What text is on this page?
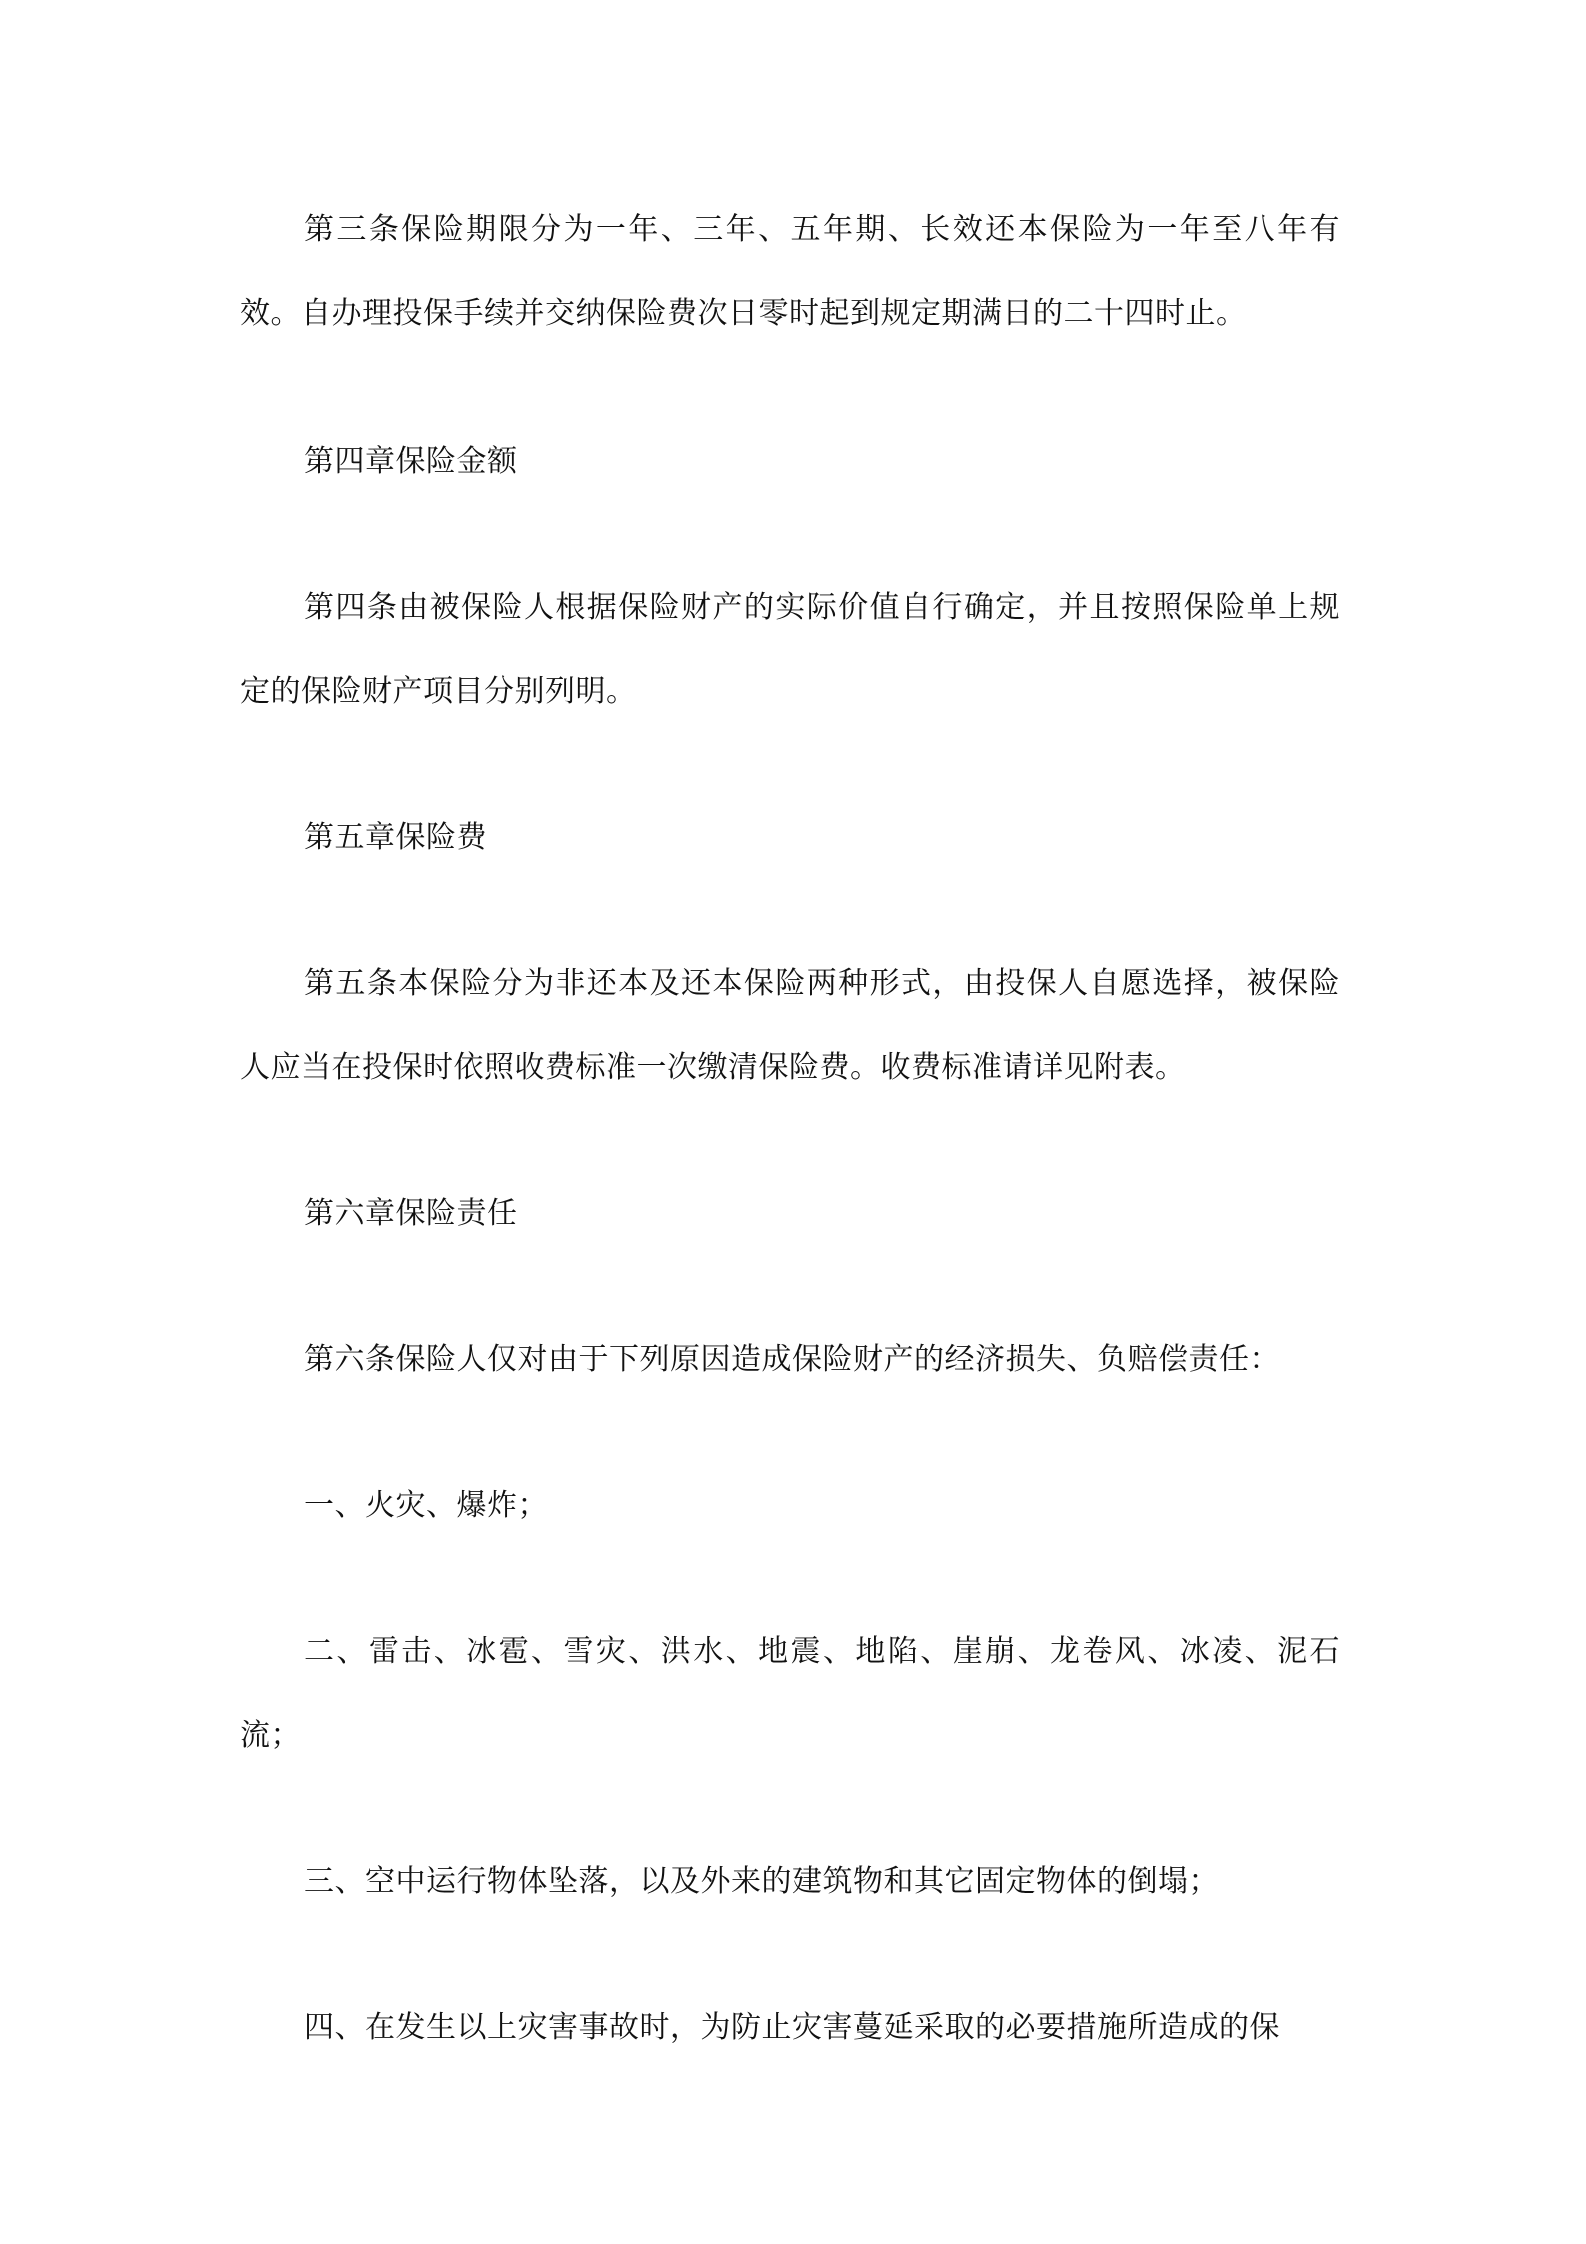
第三条保险期限分为一年、三年、五年期、长效还本保险为一年至八年有效。自办理投保手续并交纳保险费次日零时起到规定期满日的二十四时止。

第四章保险金额

第四条由被保险人根据保险财产的实际价值自行确定，并且按照保险单上规定的保险财产项目分别列明。

第五章保险费

第五条本保险分为非还本及还本保险两种形式，由投保人自愿选择，被保险人应当在投保时依照收费标准一次缴清保险费。收费标准请详见附表。

第六章保险责任

第六条保险人仅对由于下列原因造成保险财产的经济损失、负赔偿责任：

一、火灾、爆炸；

二、雷击、冰雹、雪灾、洪水、地震、地陷、崖崩、龙卷风、冰凌、泥石流；

三、空中运行物体坠落，以及外来的建筑物和其它固定物体的倒塌；

四、在发生以上灾害事故时，为防止灾害蔓延采取的必要措施所造成的保
